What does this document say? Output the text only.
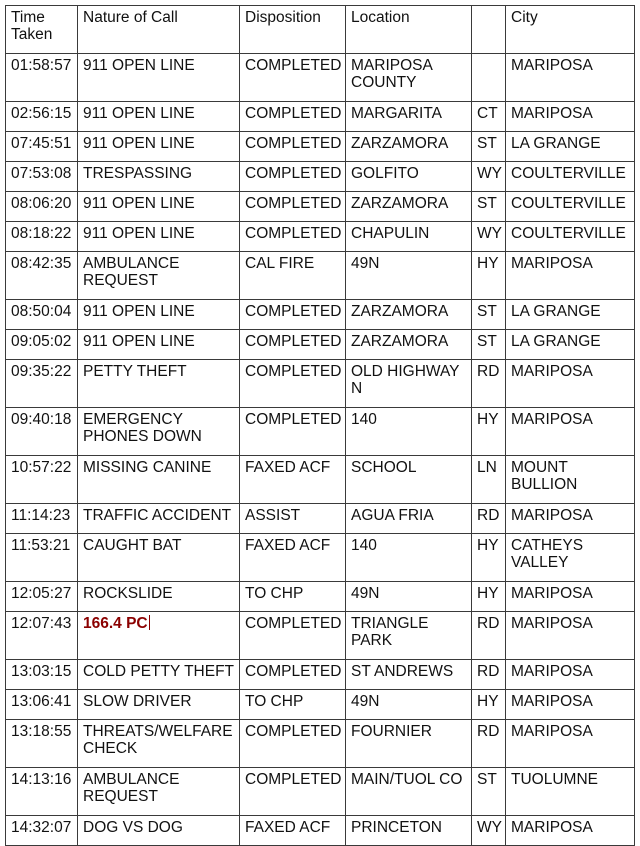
Time Taken	Nature of Call	Disposition	Location		City
01:58:57	911 OPEN LINE	COMPLETED	MARIPOSA COUNTY		MARIPOSA
02:56:15	911 OPEN LINE	COMPLETED	MARGARITA	CT	MARIPOSA
07:45:51	911 OPEN LINE	COMPLETED	ZARZAMORA	ST	LA GRANGE
07:53:08	TRESPASSING	COMPLETED	GOLFITO	WY	COULTERVILLE
08:06:20	911 OPEN LINE	COMPLETED	ZARZAMORA	ST	COULTERVILLE
08:18:22	911 OPEN LINE	COMPLETED	CHAPULIN	WY	COULTERVILLE
08:42:35	AMBULANCE REQUEST	CAL FIRE	49N	HY	MARIPOSA
08:50:04	911 OPEN LINE	COMPLETED	ZARZAMORA	ST	LA GRANGE
09:05:02	911 OPEN LINE	COMPLETED	ZARZAMORA	ST	LA GRANGE
09:35:22	PETTY THEFT	COMPLETED	OLD HIGHWAY N	RD	MARIPOSA
09:40:18	EMERGENCY PHONES DOWN	COMPLETED	140	HY	MARIPOSA
10:57:22	MISSING CANINE	FAXED ACF	SCHOOL	LN	MOUNT BULLION
11:14:23	TRAFFIC ACCIDENT	ASSIST	AGUA FRIA	RD	MARIPOSA
11:53:21	CAUGHT BAT	FAXED ACF	140	HY	CATHEYS VALLEY
12:05:27	ROCKSLIDE	TO CHP	49N	HY	MARIPOSA
12:07:43	166.4 PC	COMPLETED	TRIANGLE PARK	RD	MARIPOSA
13:03:15	COLD PETTY THEFT	COMPLETED	ST ANDREWS	RD	MARIPOSA
13:06:41	SLOW DRIVER	TO CHP	49N	HY	MARIPOSA
13:18:55	THREATS/WELFARE CHECK	COMPLETED	FOURNIER	RD	MARIPOSA
14:13:16	AMBULANCE REQUEST	COMPLETED	MAIN/TUOL CO	ST	TUOLUMNE
14:32:07	DOG VS DOG	FAXED ACF	PRINCETON	WY	MARIPOSA
